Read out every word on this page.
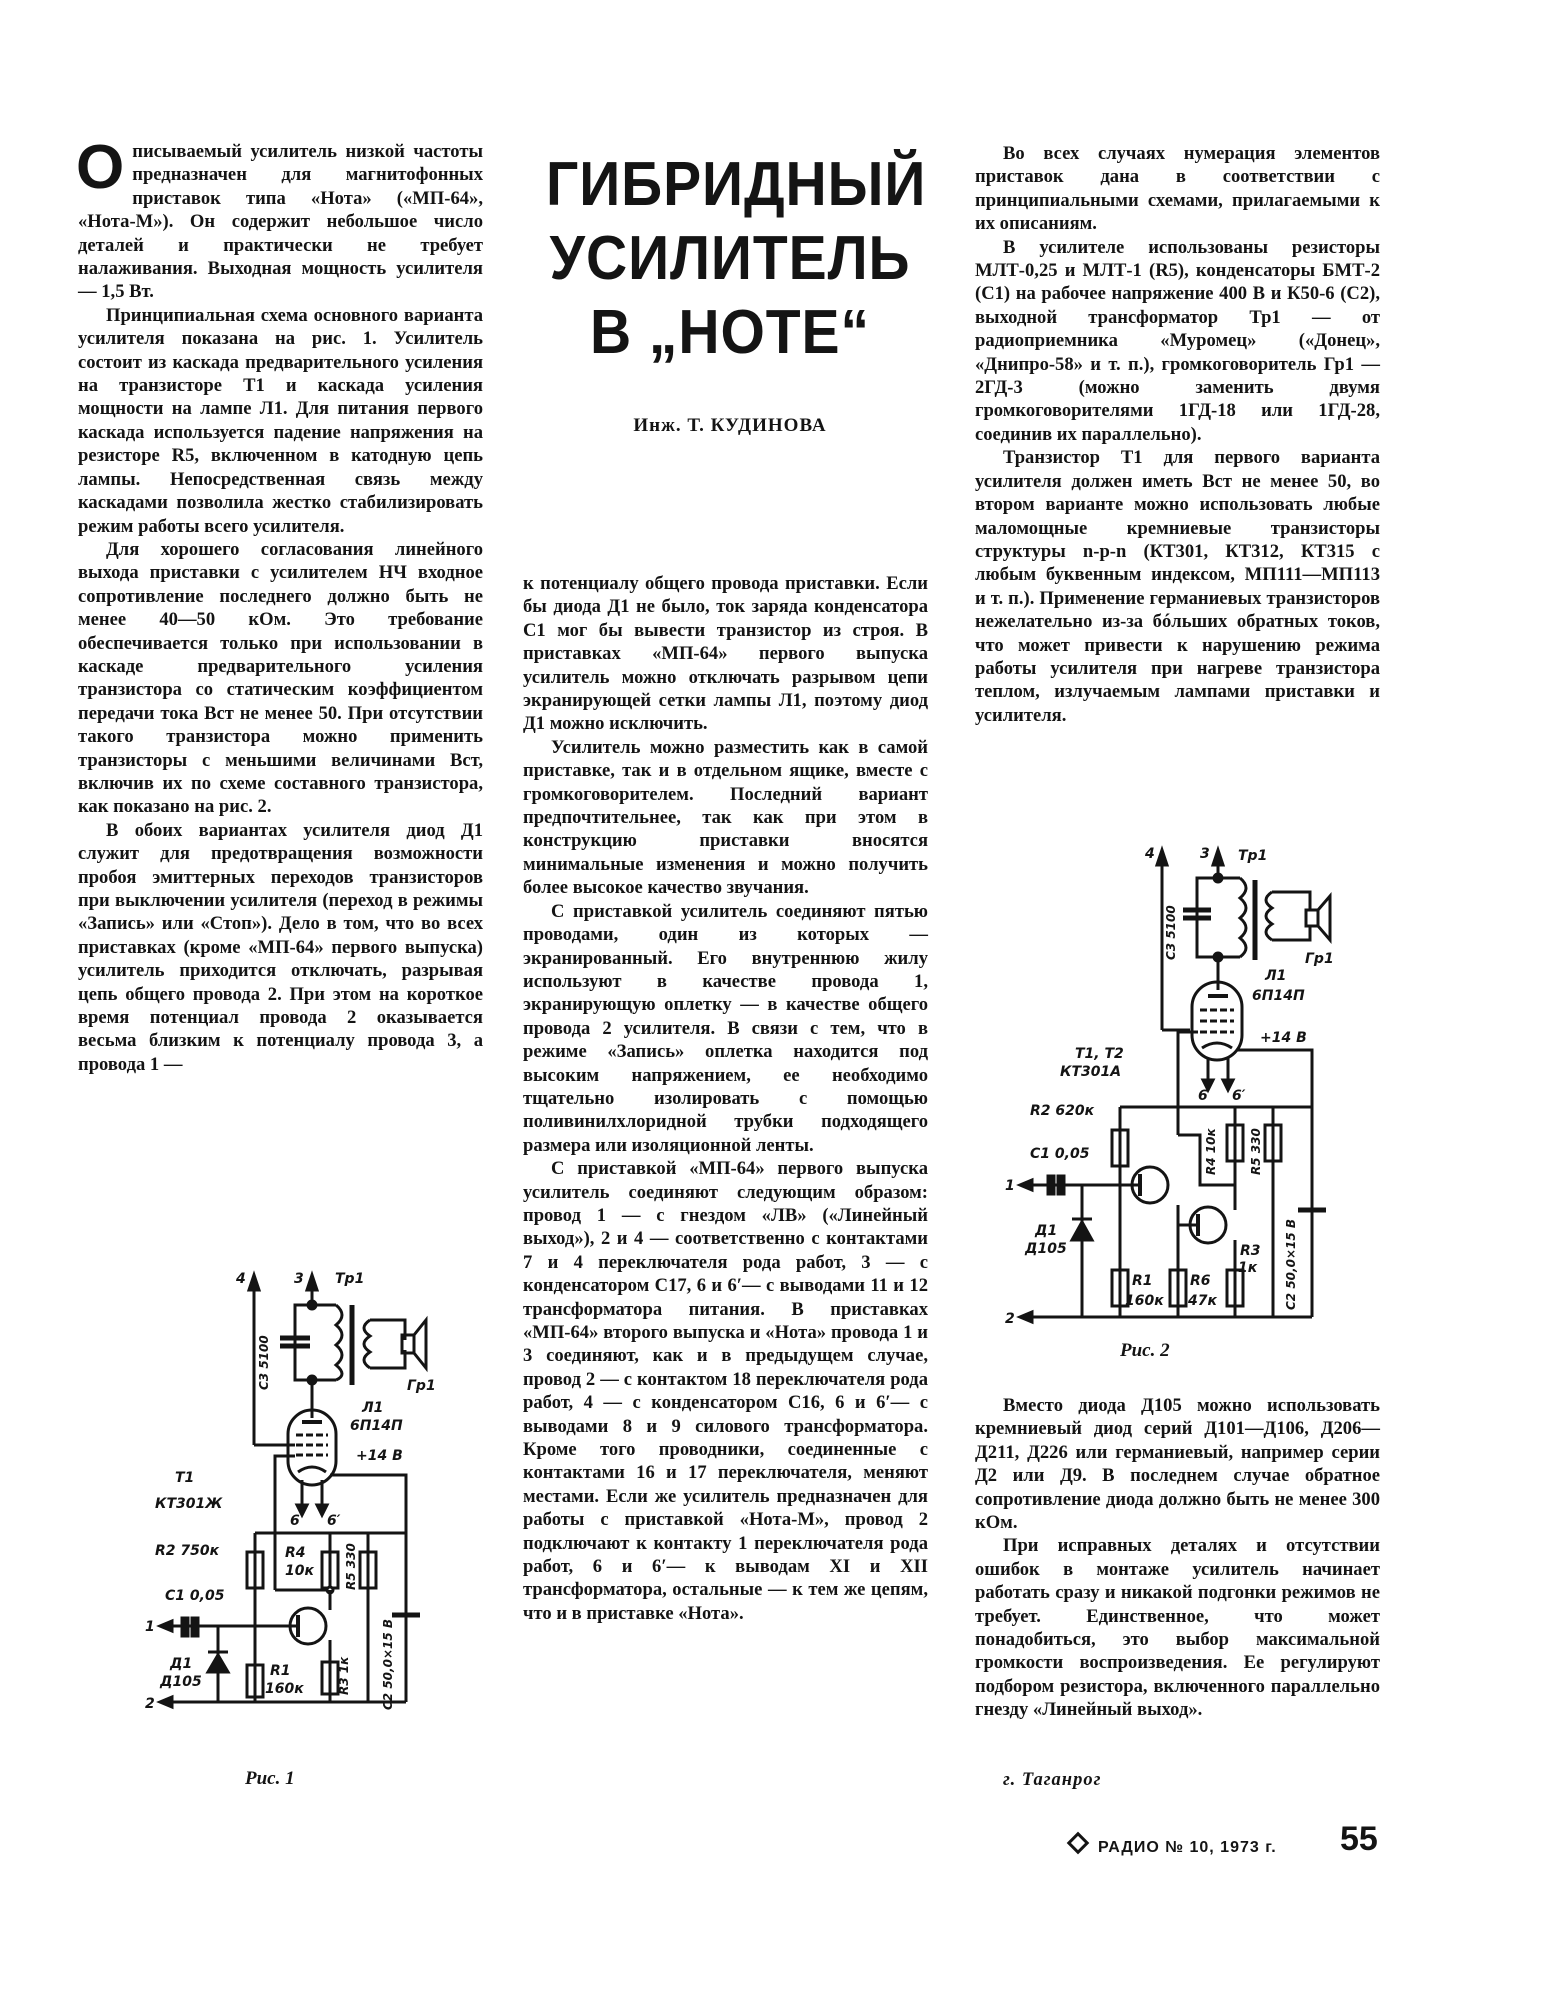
ГИБРИДНЫЙ
УСИЛИТЕЛЬ
В „НОТЕ“
Инж. Т. КУДИНОВА

Описываемый усилитель низкой частоты предназначен для магнитофонных приставок типа «Нота» («МП-64», «Нота-М»). Он содержит небольшое число деталей и практически не требует налаживания. Выходная мощность усилителя — 1,5 Вт.

Принципиальная схема основного варианта усилителя показана на рис. 1. Усилитель состоит из каскада предварительного усиления на транзисторе Т1 и каскада усиления мощности на лампе Л1. Для питания первого каскада используется падение напряжения на резисторе R5, включенном в катодную цепь лампы. Непосредственная связь между каскадами позволила жестко стабилизировать режим работы всего усилителя.

Для хорошего согласования линейного выхода приставки с усилителем НЧ входное сопротивление последнего должно быть не менее 40—50 кОм. Это требование обеспечивается только при использовании в каскаде предварительного усиления транзистора со статическим коэффициентом передачи тока Вст не менее 50. При отсутствии такого транзистора можно применить транзисторы с меньшими величинами Вст, включив их по схеме составного транзистора, как показано на рис. 2.

В обоих вариантах усилителя диод Д1 служит для предотвращения возможности пробоя эмиттерных переходов транзисторов при выключении усилителя (переход в режимы «Запись» или «Стоп»). Дело в том, что во всех приставках (кроме «МП-64» первого выпуска) усилитель приходится отключать, разрывая цепь общего провода 2. При этом на короткое время потенциал провода 2 оказывается весьма близким к потенциалу провода 3, а провода 1 —

к потенциалу общего провода приставки. Если бы диода Д1 не было, ток заряда конденсатора С1 мог бы вывести транзистор из строя. В приставках «МП-64» первого выпуска усилитель можно отключать разрывом цепи экранирующей сетки лампы Л1, поэтому диод Д1 можно исключить.

Усилитель можно разместить как в самой приставке, так и в отдельном ящике, вместе с громкоговорителем. Последний вариант предпочтительнее, так как при этом в конструкцию приставки вносятся минимальные изменения и можно получить более высокое качество звучания.

С приставкой усилитель соединяют пятью проводами, один из которых — экранированный. Его внутреннюю жилу используют в качестве провода 1, экранирующую оплетку — в качестве общего провода 2 усилителя. В связи с тем, что в режиме «Запись» оплетка находится под высоким напряжением, ее необходимо тщательно изолировать с помощью поливинилхлоридной трубки подходящего размера или изоляционной ленты.

С приставкой «МП-64» первого выпуска усилитель соединяют следующим образом: провод 1 — с гнездом «ЛВ» («Линейный выход»), 2 и 4 — соответственно с контактами 7 и 4 переключателя рода работ, 3 — с конденсатором С17, 6 и 6′— с выводами 11 и 12 трансформатора питания. В приставках «МП-64» второго выпуска и «Нота» провода 1 и 3 соединяют, как и в предыдущем случае, провод 2 — с контактом 18 переключателя рода работ, 4 — с конденсатором С16, 6 и 6′— с выводами 8 и 9 силового трансформатора. Кроме того проводники, соединенные с контактами 16 и 17 переключателя, меняют местами. Если же усилитель предназначен для работы с приставкой «Нота-М», провод 2 подключают к контакту 1 переключателя рода работ, 6 и 6′— к выводам XI и XII трансформатора, остальные — к тем же цепям, что и в приставке «Нота».

Во всех случаях нумерация элементов приставок дана в соответствии с принципиальными схемами, прилагаемыми к их описаниям.

В усилителе использованы резисторы МЛТ-0,25 и МЛТ-1 (R5), конденсаторы БМТ-2 (С1) на рабочее напряжение 400 В и К50-6 (С2), выходной трансформатор Тр1 — от радиоприемника «Муромец» («Донец», «Днипро-58» и т. п.), громкоговоритель Гр1 — 2ГД-3 (можно заменить двумя громкоговорителями 1ГД-18 или 1ГД-28, соединив их параллельно).

Транзистор Т1 для первого варианта усилителя должен иметь Вст не менее 50, во втором варианте можно использовать любые маломощные кремниевые транзисторы структуры n-p-n (КТ301, КТ312, КТ315 с любым буквенным индексом, МП111—МП113 и т. п.). Применение германиевых транзисторов нежелательно из-за бóльших обратных токов, что может привести к нарушению режима работы усилителя при нагреве транзистора теплом, излучаемым лампами приставки и усилителя.

Вместо диода Д105 можно использовать кремниевый диод серий Д101—Д106, Д206—Д211, Д226 или германиевый, например серии Д2 или Д9. В последнем случае обратное сопротивление диода должно быть не менее 300 кОм.

При исправных деталях и отсутствии ошибок в монтаже усилитель начинает работать сразу и никакой подгонки режимов не требует. Единственное, что может понадобиться, это выбор максимальной громкости воспроизведения. Ее регулируют подбором резистора, включенного параллельно гнезду «Линейный выход».

4	3 Тр1
Гр1
С3 5100
Л1
6П14П
+14 В
Т1
КТ301Ж
6 6′
R2 750к	R4
10к	R5 330
С1 0,05
1
Д1
Д105
R1
160к	R3 1к	С2 50,0×15 В
2
Рис. 1
4	3 Тр1
Гр1
С3 5100
Л1
6П14П
+14 В
Т1, Т2
КТ301А
6 6′
R2 620к
R4 10к	R5 330
С1 0,05
1
Д1
Д105
R1
160к
R6
47к
R3
1к С2 50,0×15 В
2
Рис. 2
г. Таганрог
РАДИО № 10, 1973 г. 55
